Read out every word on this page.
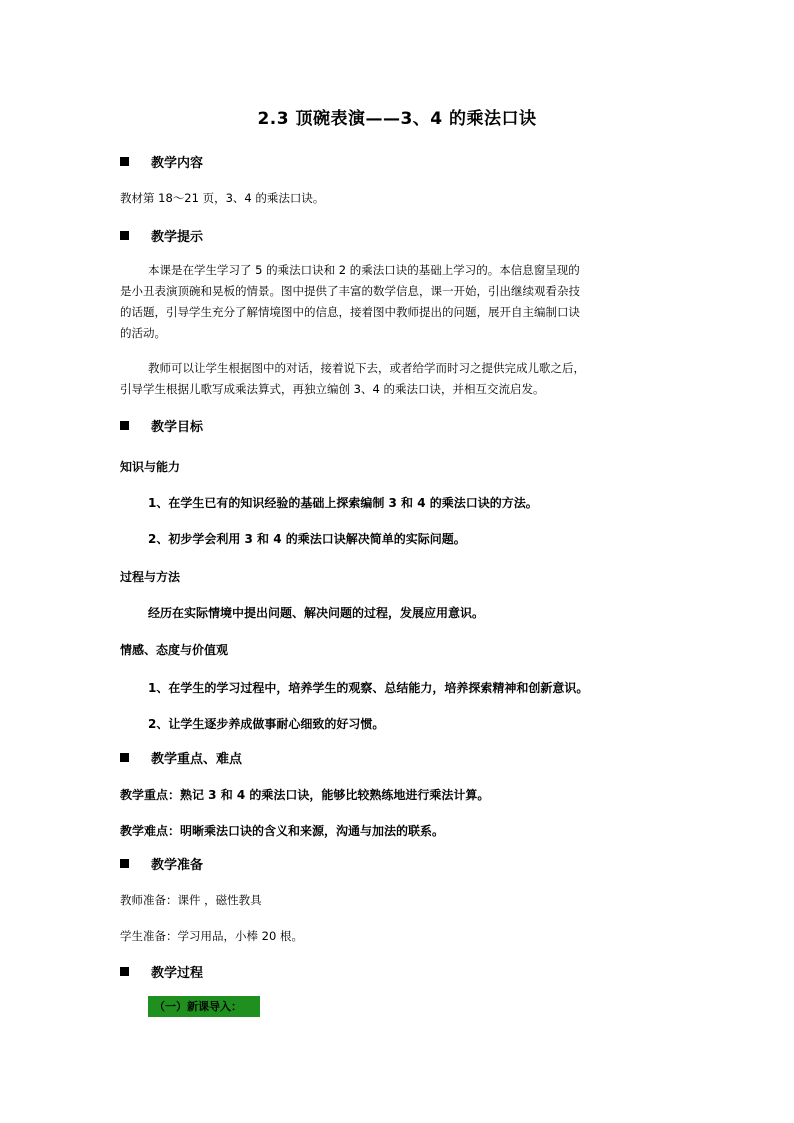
2.3 顶碗表演——3、4 的乘法口诀
教学内容
教材第 18～21 页，3、4 的乘法口诀。
教学提示
本课是在学生学习了 5 的乘法口诀和 2 的乘法口诀的基础上学习的。本信息窗呈现的
是小丑表演顶碗和晃板的情景。图中提供了丰富的数学信息，课一开始，引出继续观看杂技
的话题，引导学生充分了解情境图中的信息，接着图中教师提出的问题，展开自主编制口诀
的活动。
教师可以让学生根据图中的对话，接着说下去，或者给学而时习之提供完成儿歌之后，
引导学生根据儿歌写成乘法算式，再独立编创 3、4 的乘法口诀，并相互交流启发。
教学目标
知识与能力
1、在学生已有的知识经验的基础上探索编制 3 和 4 的乘法口诀的方法。
2、初步学会利用 3 和 4 的乘法口诀解决简单的实际问题。
过程与方法
经历在实际情境中提出问题、解决问题的过程，发展应用意识。
情感、态度与价值观
1、在学生的学习过程中，培养学生的观察、总结能力，培养探索精神和创新意识。
2、让学生逐步养成做事耐心细致的好习惯。
教学重点、难点
教学重点：熟记 3 和 4 的乘法口诀，能够比较熟练地进行乘法计算。
教学难点：明晰乘法口诀的含义和来源，沟通与加法的联系。
教学准备
教师准备：课件 ，磁性教具
学生准备：学习用品，小棒 20 根。
教学过程
（一）新课导入：
